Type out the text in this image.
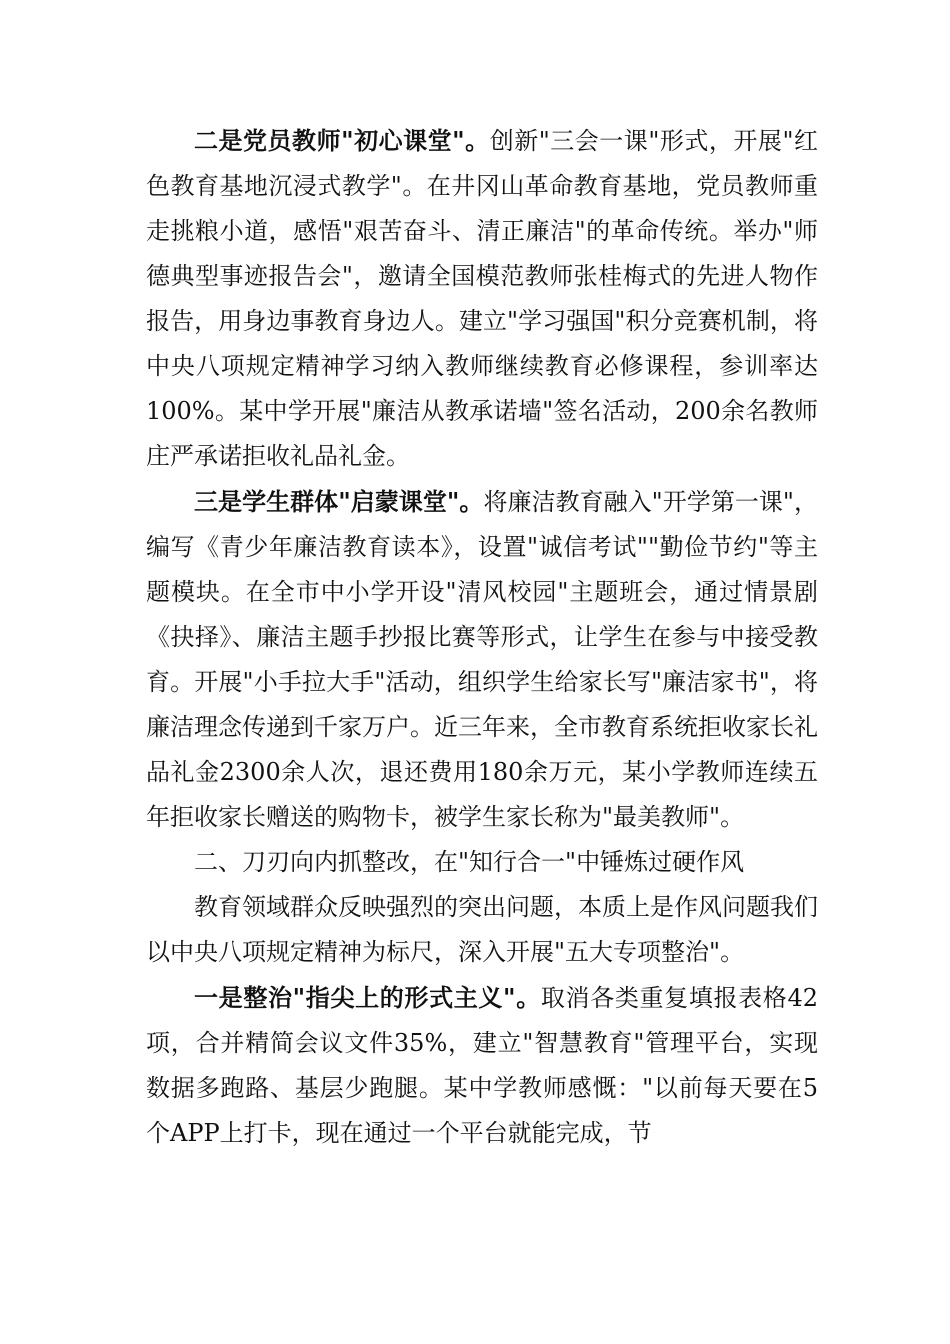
二是党员教师"初心课堂"。创新"三会一课"形式，开展"红色教育基地沉浸式教学"。在井冈山革命教育基地，党员教师重走挑粮小道，感悟"艰苦奋斗、清正廉洁"的革命传统。举办"师德典型事迹报告会"，邀请全国模范教师张桂梅式的先进人物作报告，用身边事教育身边人。建立"学习强国"积分竞赛机制，将中央八项规定精神学习纳入教师继续教育必修课程，参训率达100%。某中学开展"廉洁从教承诺墙"签名活动，200余名教师庄严承诺拒收礼品礼金。

三是学生群体"启蒙课堂"。将廉洁教育融入"开学第一课"，编写《青少年廉洁教育读本》，设置"诚信考试""勤俭节约"等主题模块。在全市中小学开设"清风校园"主题班会，通过情景剧《抉择》、廉洁主题手抄报比赛等形式，让学生在参与中接受教育。开展"小手拉大手"活动，组织学生给家长写"廉洁家书"，将廉洁理念传递到千家万户。近三年来，全市教育系统拒收家长礼品礼金2300余人次，退还费用180余万元，某小学教师连续五年拒收家长赠送的购物卡，被学生家长称为"最美教师"。

二、刀刃向内抓整改，在"知行合一"中锤炼过硬作风

教育领域群众反映强烈的突出问题，本质上是作风问题我们以中央八项规定精神为标尺，深入开展"五大专项整治"。

一是整治"指尖上的形式主义"。取消各类重复填报表格42项，合并精简会议文件35%，建立"智慧教育"管理平台，实现数据多跑路、基层少跑腿。某中学教师感慨："以前每天要在5个APP上打卡，现在通过一个平台就能完成，节
